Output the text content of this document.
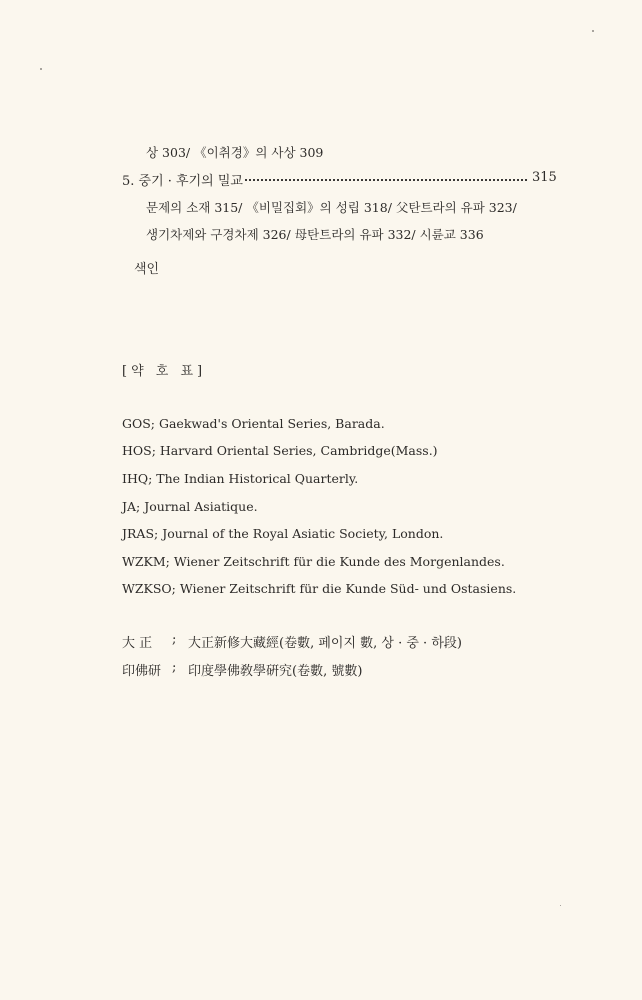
상 303/ 《이취경》의 사상 309
5. 중기 · 후기의 밀교	315
문제의 소재 315/ 《비밀집회》의 성립 318/ 父탄트라의 유파 323/
생기차제와 구경차제 326/ 母탄트라의 유파 332/ 시륜교 336
색인
[약 호 표]
GOS; Gaekwad's Oriental Series, Barada.
HOS; Harvard Oriental Series, Cambridge(Mass.)
IHQ; The Indian Historical Quarterly.
JA; Journal Asiatique.
JRAS; Journal of the Royal Asiatic Society, London.
WZKM; Wiener Zeitschrift für die Kunde des Morgenlandes.
WZKSO; Wiener Zeitschrift für die Kunde Süd- und Ostasiens.
大 正 ; 大正新修大藏經(卷數, 페이지 數, 상 · 중 · 하段)
印佛研 ; 印度學佛敎學硏究(卷數, 號數)
